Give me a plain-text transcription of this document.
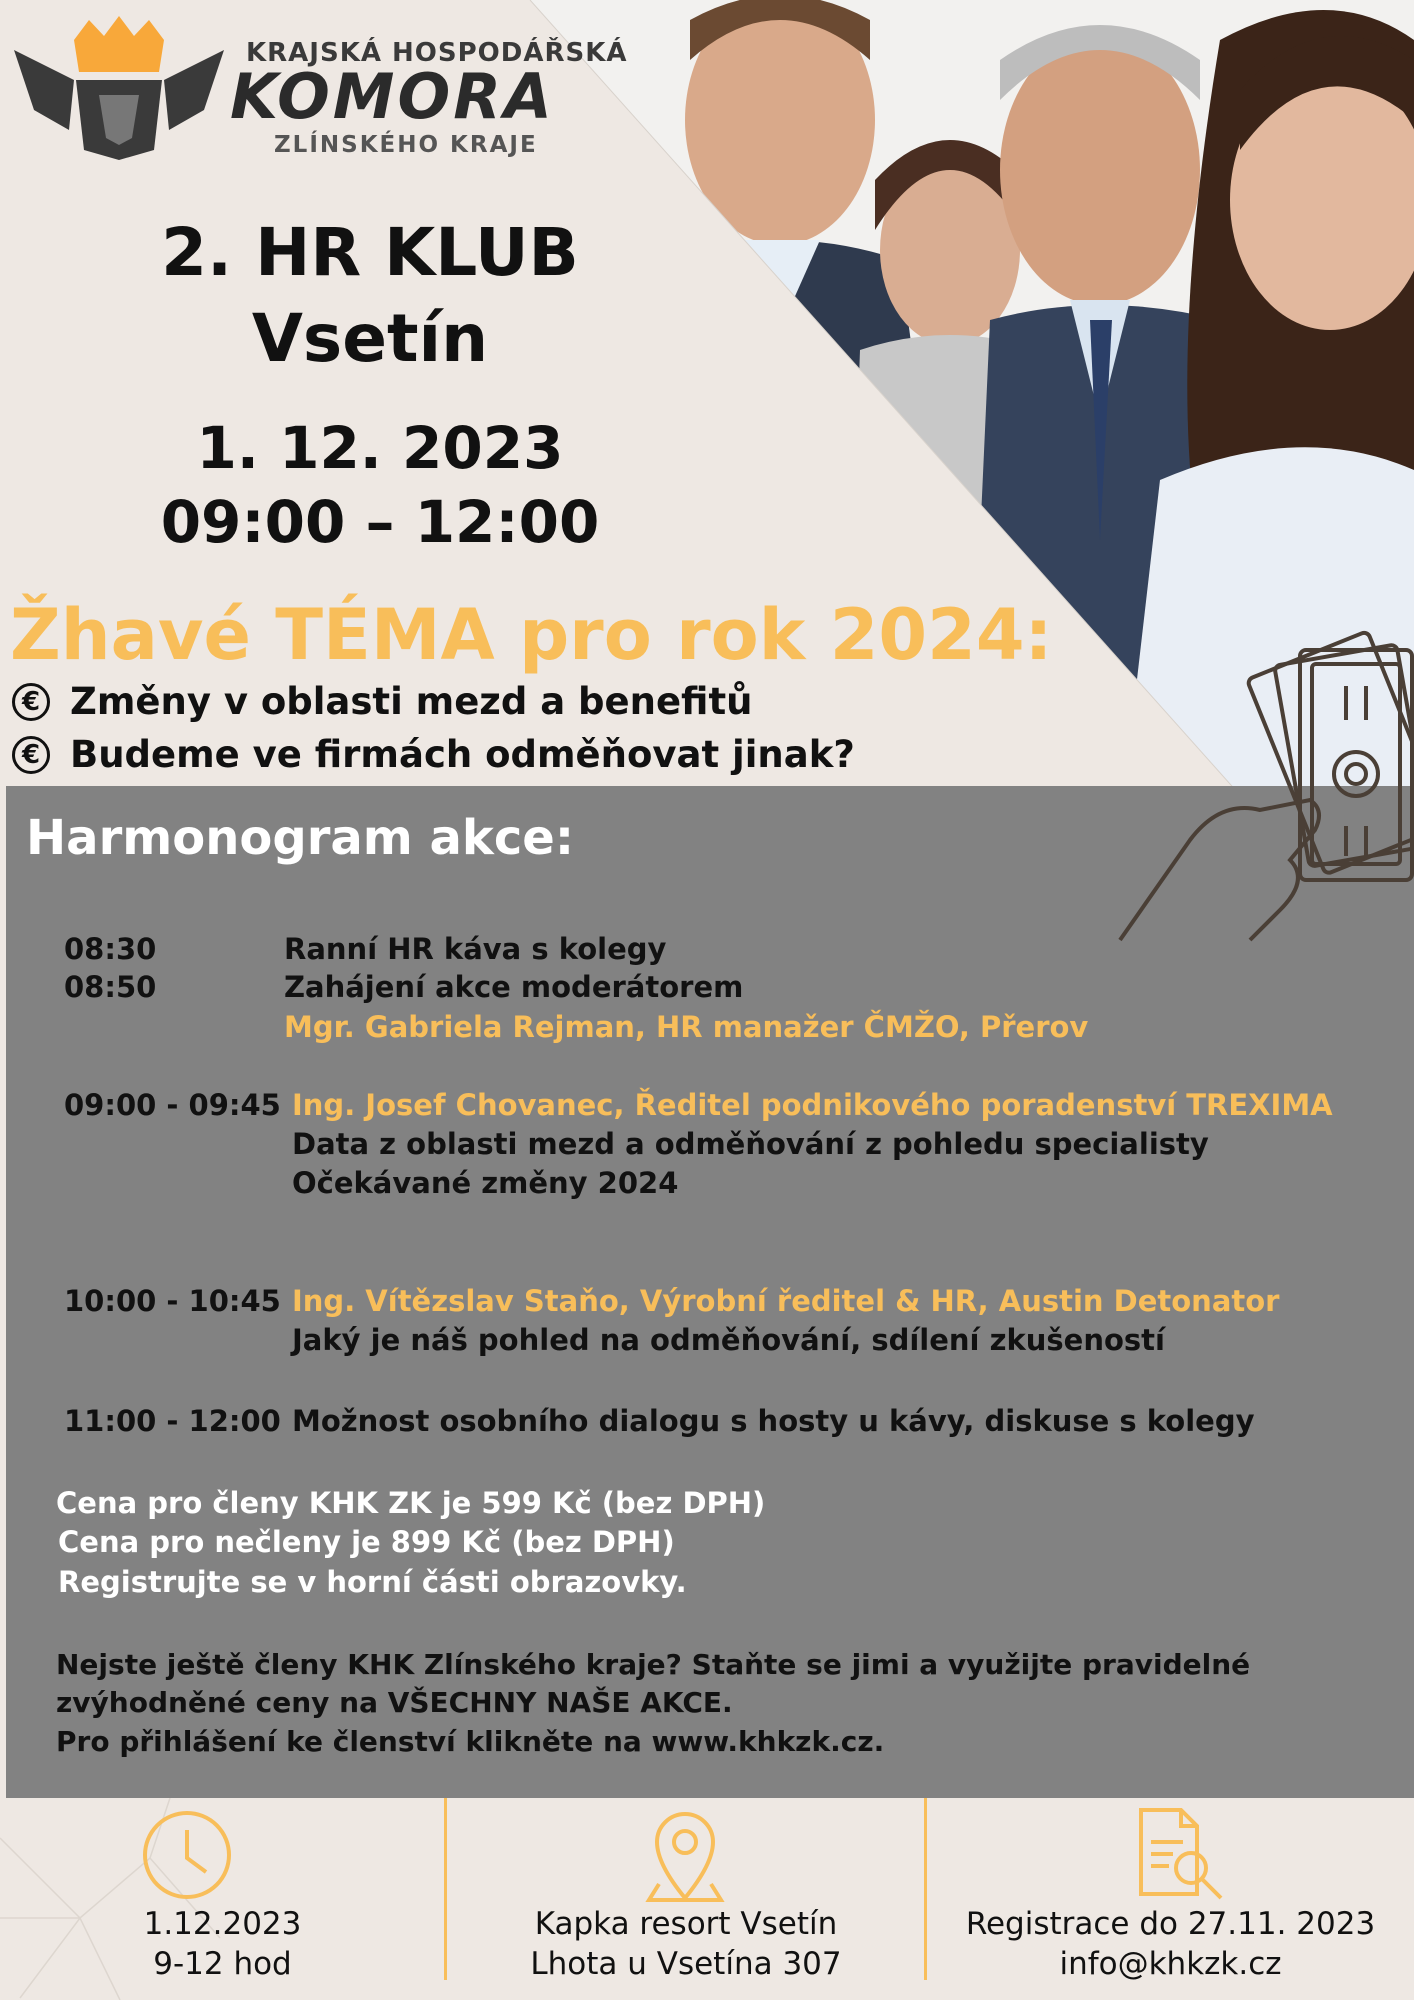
KRAJSKÁ HOSPODÁŘSKÁ
KOMORA
ZLÍNSKÉHO KRAJE
2. HR KLUB
Vsetín
1. 12. 2023
09:00 – 12:00
Žhavé TÉMA pro rok 2024:
€ Změny v oblasti mezd a benefitů
€ Budeme ve firmách odměňovat jinak?
Harmonogram akce:
08:30	Ranní HR káva s kolegy
08:50	Zahájení akce moderátorem
Mgr. Gabriela Rejman, HR manažer ČMŽO, Přerov
09:00 - 09:45 Ing. Josef Chovanec, Ředitel podnikového poradenství TREXIMA
Data z oblasti mezd a odměňování z pohledu specialisty
Očekávané změny 2024
10:00 - 10:45 Ing. Vítězslav Staňo, Výrobní ředitel & HR, Austin Detonator
Jaký je náš pohled na odměňování, sdílení zkušeností
11:00 - 12:00 Možnost osobního dialogu s hosty u kávy, diskuse s kolegy
Cena pro členy KHK ZK je 599 Kč (bez DPH)
Cena pro nečleny je 899 Kč (bez DPH)
Registrujte se v horní části obrazovky.
Nejste ještě členy KHK Zlínského kraje? Staňte se jimi a využijte pravidelné
zvýhodněné ceny na VŠECHNY NAŠE AKCE.
Pro přihlášení ke členství klikněte na www.khkzk.cz.
1.12.2023
9-12 hod
Kapka resort Vsetín
Lhota u Vsetína 307
Registrace do 27.11. 2023
info@khkzk.cz
